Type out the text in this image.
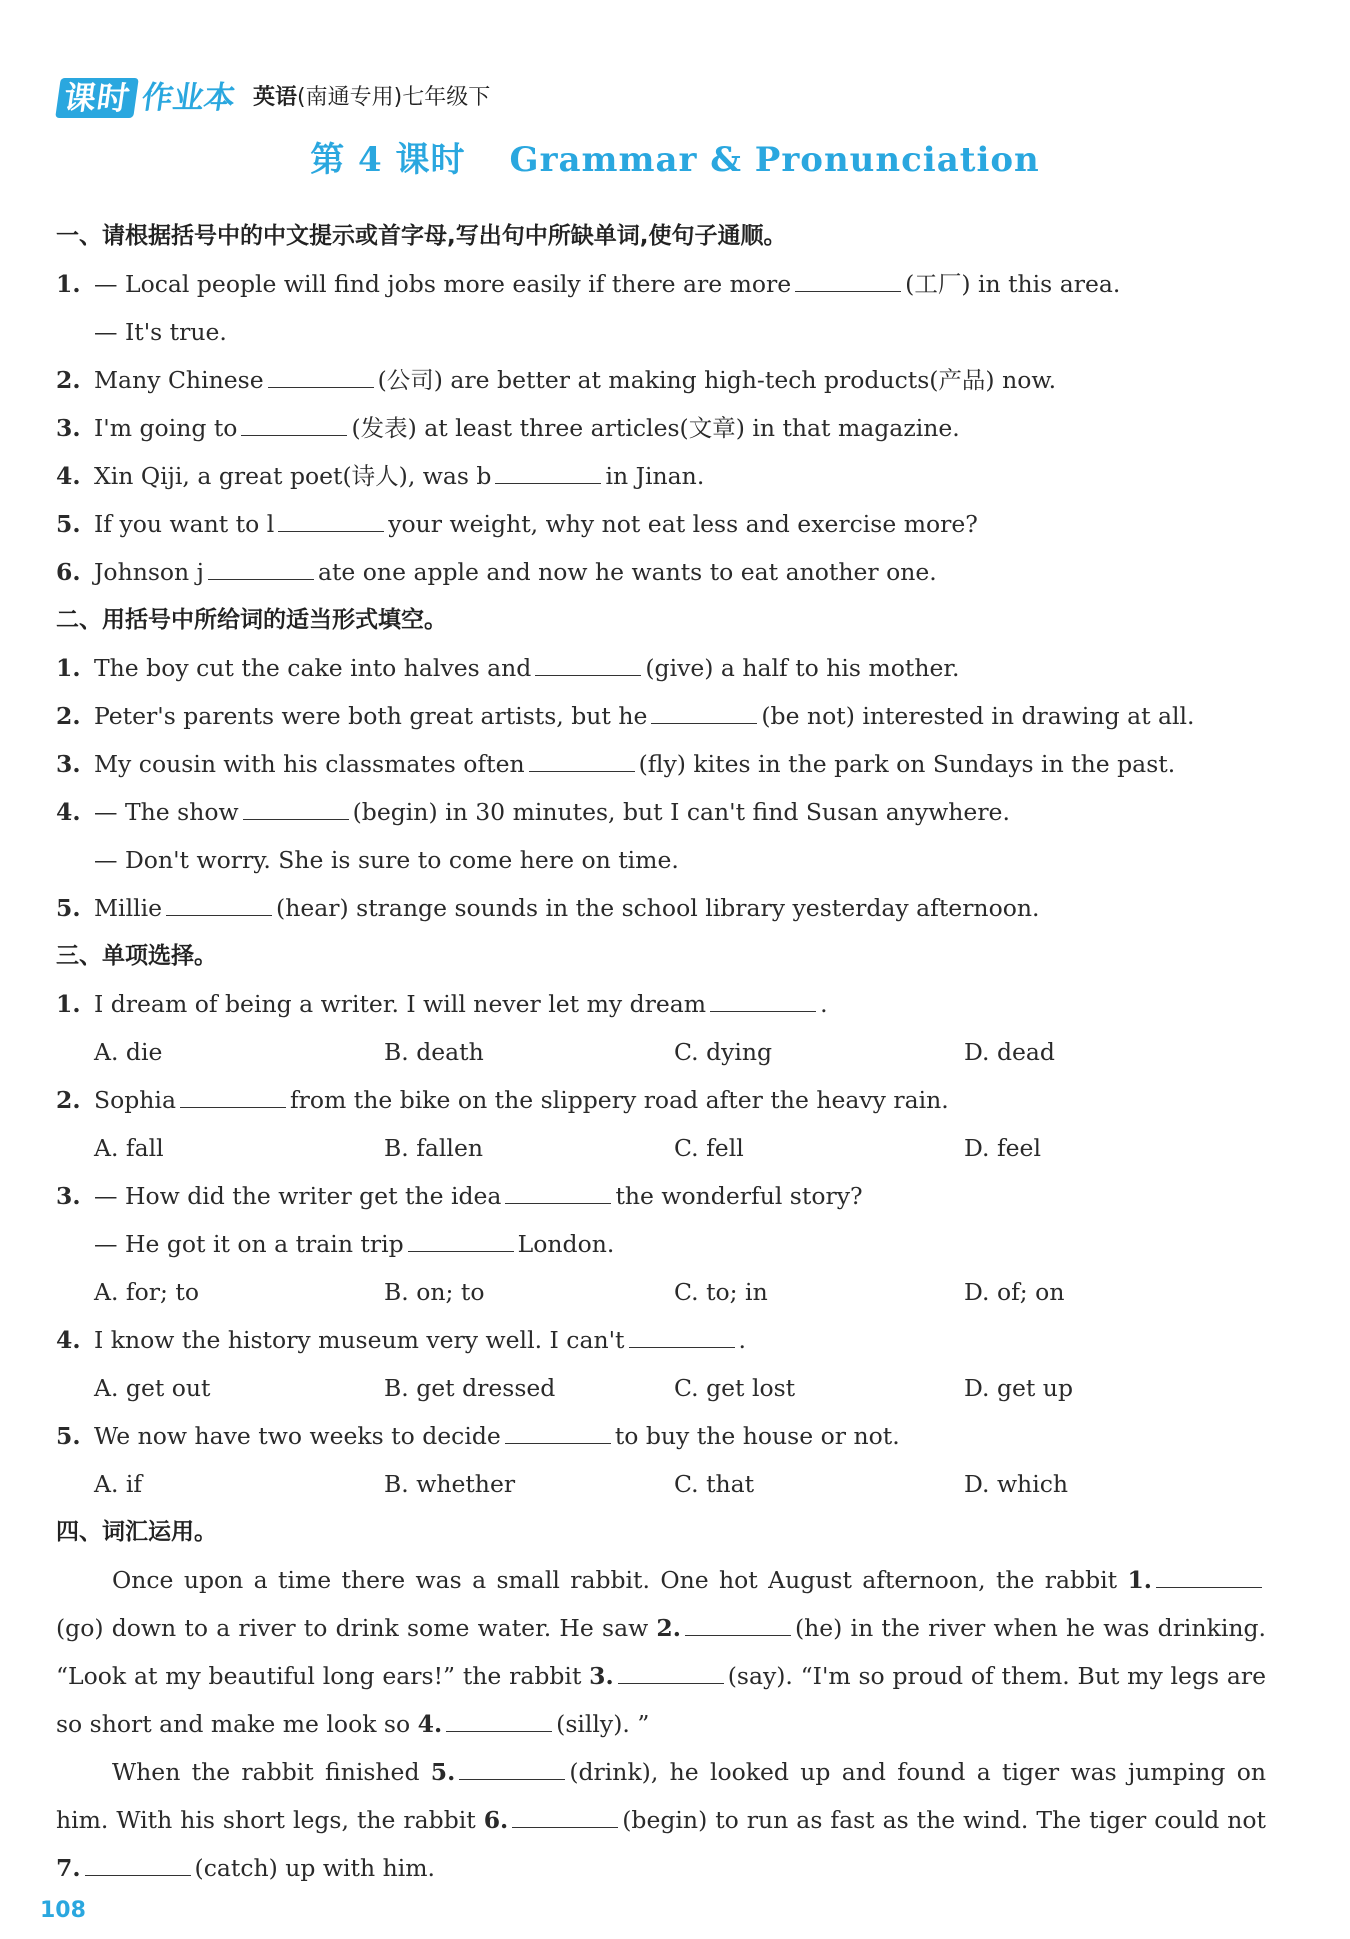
课时 作业本 英语(南通专用)七年级下
第 4 课时 Grammar & Pronunciation
一、请根据括号中的中文提示或首字母,写出句中所缺单词,使句子通顺。
1. — Local people will find jobs more easily if there are more	(工厂) in this area.
— It's true.
2. Many Chinese	(公司) are better at making high-tech products(产品) now.
3. I'm going to	(发表) at least three articles(文章) in that magazine.
4. Xin Qiji, a great poet(诗人), was b	in Jinan.
5. If you want to l	your weight, why not eat less and exercise more?
6. Johnson j	ate one apple and now he wants to eat another one.
二、用括号中所给词的适当形式填空。
1. The boy cut the cake into halves and	(give) a half to his mother.
2. Peter's parents were both great artists, but he	(be not) interested in drawing at all.
3. My cousin with his classmates often	(fly) kites in the park on Sundays in the past.
4. — The show	(begin) in 30 minutes, but I can't find Susan anywhere.
— Don't worry. She is sure to come here on time.
5. Millie	(hear) strange sounds in the school library yesterday afternoon.
三、单项选择。
1. I dream of being a writer. I will never let my dream	.
A. die	B. death	C. dying	D. dead
2. Sophia	from the bike on the slippery road after the heavy rain.
A. fall	B. fallen	C. fell	D. feel
3. — How did the writer get the idea	the wonderful story?
— He got it on a train trip	London.
A. for; to	B. on; to	C. to; in	D. of; on
4. I know the history museum very well. I can't	.
A. get out	B. get dressed	C. get lost	D. get up
5. We now have two weeks to decide	to buy the house or not.
A. if	B. whether	C. that	D. which
四、词汇运用。
Once upon a time there was a small rabbit. One hot August afternoon, the rabbit 1.(go) down to a river to drink some water. He saw 2.	(he) in the river when he was drinking. “Look at my beautiful long ears!” the rabbit 3.	(say). “I'm so proud of them. But my legs are so short and make me look so 4.	(silly). ”
When the rabbit finished 5.	(drink), he looked up and found a tiger was jumping on him. With his short legs, the rabbit 6.	(begin) to run as fast as the wind. The tiger could not 7.	(catch) up with him.
108
